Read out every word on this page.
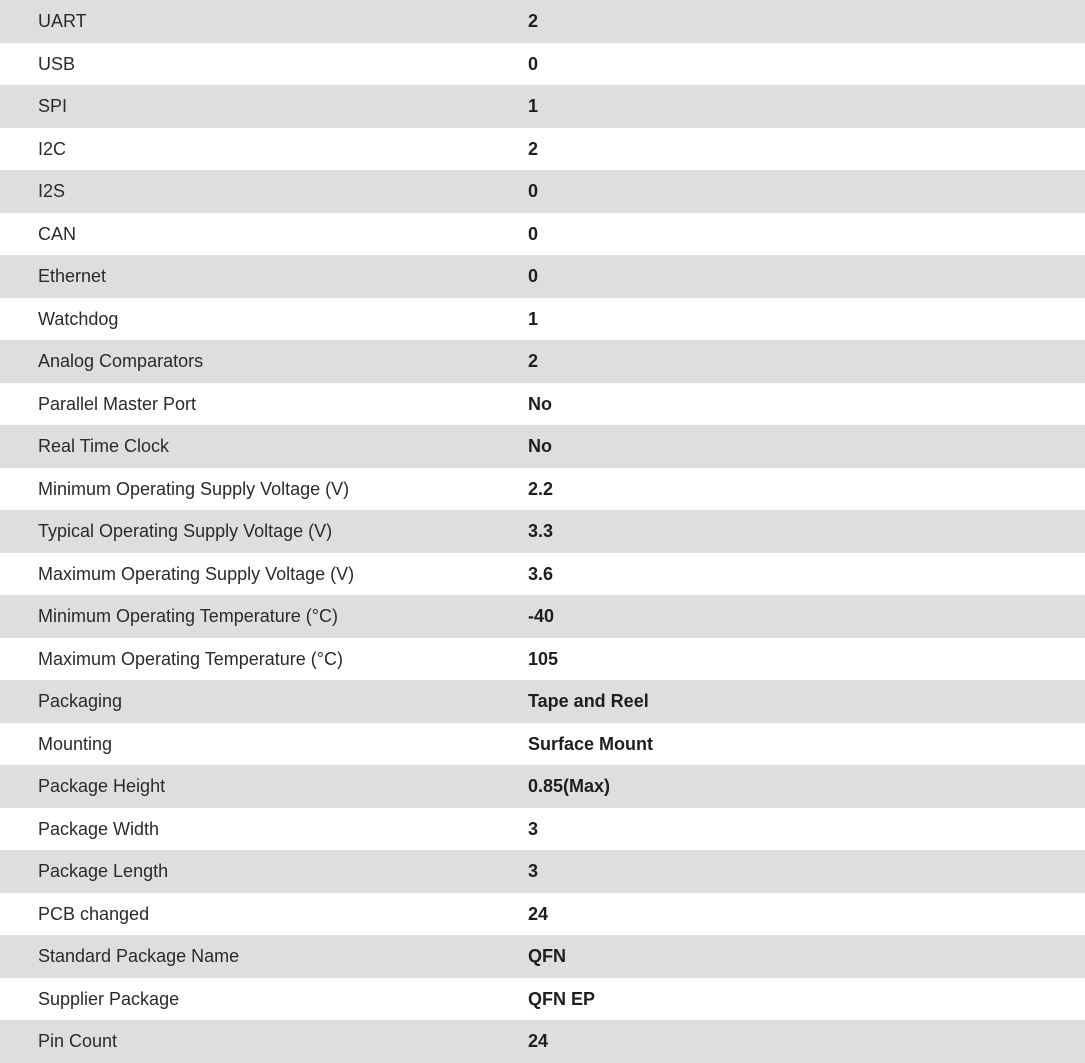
UART	2
USB	0
SPI	1
I2C	2
I2S	0
CAN	0
Ethernet	0
Watchdog	1
Analog Comparators	2
Parallel Master Port	No
Real Time Clock	No
Minimum Operating Supply Voltage (V)	2.2
Typical Operating Supply Voltage (V)	3.3
Maximum Operating Supply Voltage (V)	3.6
Minimum Operating Temperature (°C)	-40
Maximum Operating Temperature (°C)	105
Packaging	Tape and Reel
Mounting	Surface Mount
Package Height	0.85(Max)
Package Width	3
Package Length	3
PCB changed	24
Standard Package Name	QFN
Supplier Package	QFN EP
Pin Count	24
